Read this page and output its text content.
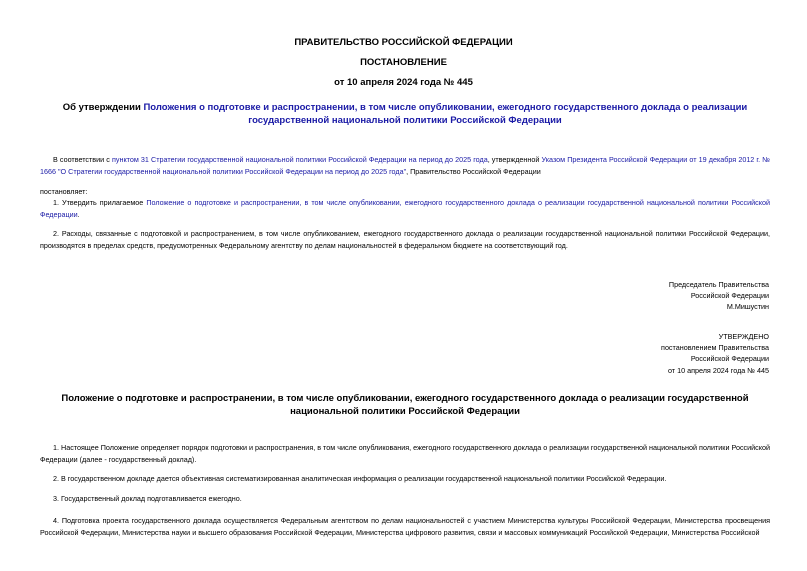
ПРАВИТЕЛЬСТВО РОССИЙСКОЙ ФЕДЕРАЦИИ
ПОСТАНОВЛЕНИЕ
от 10 апреля 2024 года № 445
Об утверждении Положения о подготовке и распространении, в том числе опубликовании, ежегодного государственного доклада о реализации государственной национальной политики Российской Федерации
В соответствии с пунктом 31 Стратегии государственной национальной политики Российской Федерации на период до 2025 года, утвержденной Указом Президента Российской Федерации от 19 декабря 2012 г. № 1666 "О Стратегии государственной национальной политики Российской Федерации на период до 2025 года", Правительство Российской Федерации
постановляет:
1. Утвердить прилагаемое Положение о подготовке и распространении, в том числе опубликовании, ежегодного государственного доклада о реализации государственной национальной политики Российской Федерации.
2. Расходы, связанные с подготовкой и распространением, в том числе опубликованием, ежегодного государственного доклада о реализации государственной национальной политики Российской Федерации, производятся в пределах средств, предусмотренных Федеральному агентству по делам национальностей в федеральном бюджете на соответствующий год.
Председатель Правительства
Российской Федерации
М.Мишустин
УТВЕРЖДЕНО
постановлением Правительства
Российской Федерации
от 10 апреля 2024 года № 445
Положение о подготовке и распространении, в том числе опубликовании, ежегодного государственного доклада о реализации государственной национальной политики Российской Федерации
1. Настоящее Положение определяет порядок подготовки и распространения, в том числе опубликования, ежегодного государственного доклада о реализации государственной национальной политики Российской Федерации (далее - государственный доклад).
2. В государственном докладе дается объективная систематизированная аналитическая информация о реализации государственной национальной политики Российской Федерации.
3. Государственный доклад подготавливается ежегодно.
4. Подготовка проекта государственного доклада осуществляется Федеральным агентством по делам национальностей с участием Министерства культуры Российской Федерации, Министерства просвещения Российской Федерации, Министерства науки и высшего образования Российской Федерации, Министерства цифрового развития, связи и массовых коммуникаций Российской Федерации, Министерства Российской
